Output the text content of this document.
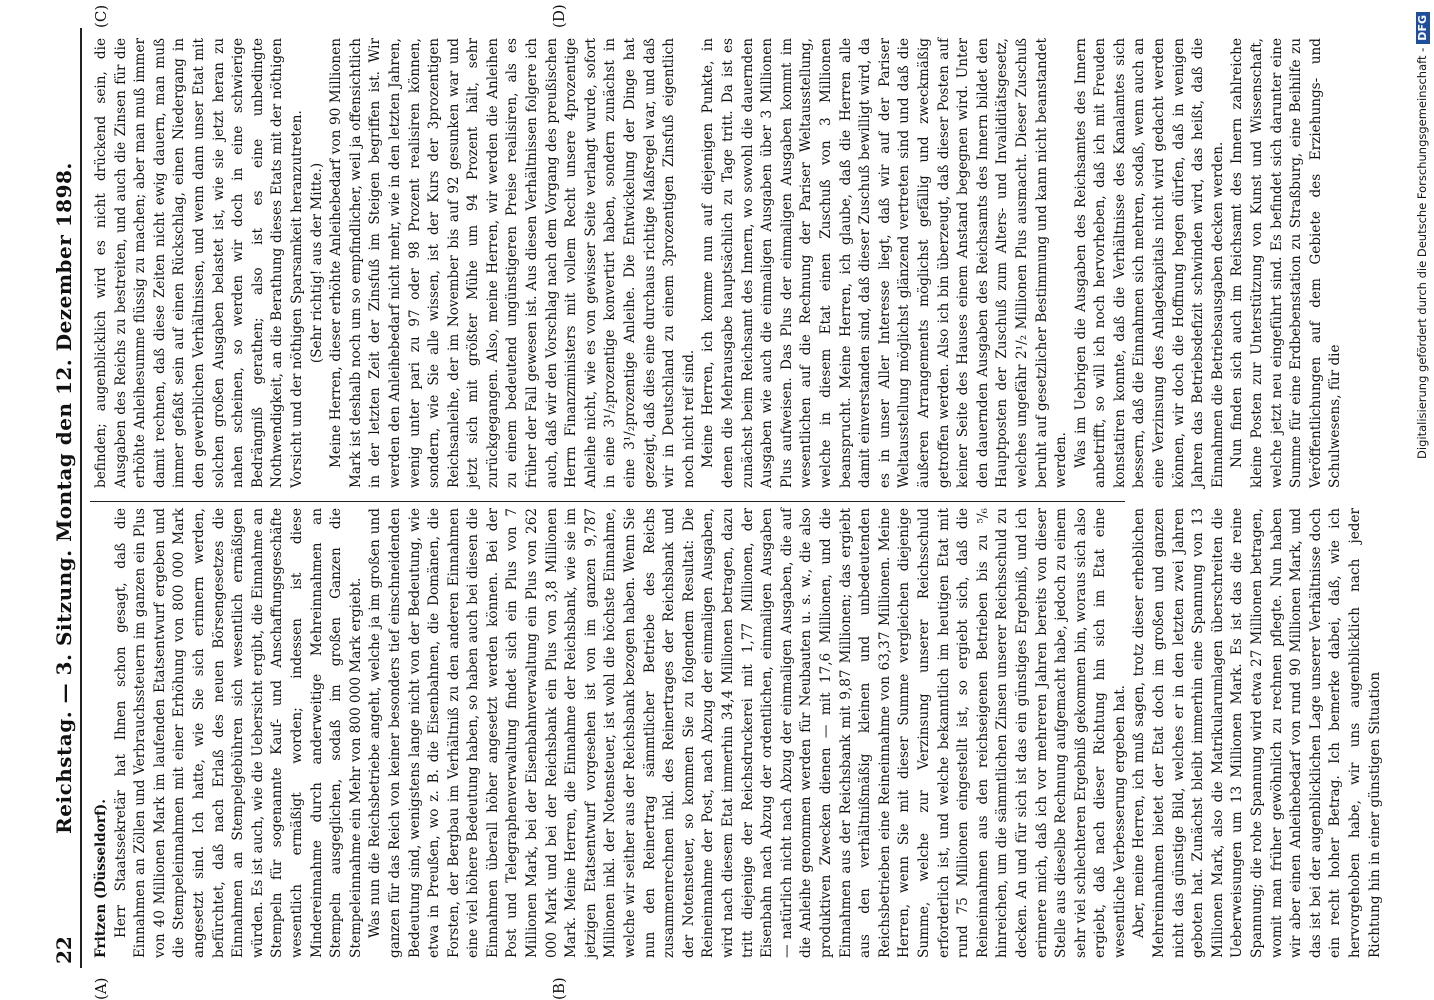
22
Reichstag. — 3. Sitzung. Montag den 12. Dezember 1898.
(A)	(B)
(C)	(D)

Fritzen (Düsseldorf). Herr Staatssekretär hat Ihnen schon gesagt, daß die Einnahmen an Zöllen und Verbrauchssteuern im ganzen ein Plus von 40 Millionen Mark im laufenden Etatsentwurf ergeben und die Stempeleinnahmen mit einer Erhöhung von 800 000 Mark angesetzt sind. Ich hatte, wie Sie sich erinnern werden, befürchtet, daß nach Erlaß des neuen Börsengesetzes die Einnahmen an Stempelgebühren sich wesentlich ermäßigen würden. Es ist auch, wie die Uebersicht ergibt, die Einnahme an Stempeln für sogenannte Kauf- und Anschaffungsgeschäfte wesentlich ermäßigt worden; indessen ist diese Mindereinnahme durch anderweitige Mehreinnahmen an Stempeln ausgeglichen, sodaß im großen Ganzen die Stempeleinnahme ein Mehr von 800 000 Mark ergiebt. Was nun die Reichsbetriebe angeht, welche ja im großen und ganzen für das Reich von keiner besonders tief einschneidenden Bedeutung sind, wenigstens lange nicht von der Bedeutung, wie etwa in Preußen, wo z. B. die Eisenbahnen, die Domänen, die Forsten, der Bergbau im Verhältniß zu den anderen Einnahmen eine viel höhere Bedeutung haben, so haben auch bei diesen die Einnahmen überall höher angesetzt werden können. Bei der Post und Telegraphenverwaltung findet sich ein Plus von 7 Millionen Mark, bei der Eisenbahnverwaltung ein Plus von 262 000 Mark und bei der Reichsbank ein Plus von 3,8 Millionen Mark. Meine Herren, die Einnahme der Reichsbank, wie sie im jetzigen Etatsentwurf vorgesehen ist von im ganzen 9,787 Millionen inkl. der Notensteuer, ist wohl die höchste Einnahme, welche wir seither aus der Reichsbank bezogen haben. Wenn Sie nun den Reinertrag sämmtlicher Betriebe des Reichs zusammenrechnen inkl. des Reinertrages der Reichsbank und der Notensteuer, so kommen Sie zu folgendem Resultat: Die Reineinnahme der Post, nach Abzug der einmaligen Ausgaben, wird nach diesem Etat immerhin 34,4 Millionen betragen, dazu tritt diejenige der Reichsdruckerei mit 1,77 Millionen, der Eisenbahn nach Abzug der ordentlichen, einmaligen Ausgaben — natürlich nicht nach Abzug der einmaligen Ausgaben, die auf die Anleihe genommen werden für Neubauten u. s. w., die also produktiven Zwecken dienen — mit 17,6 Millionen, und die Einnahmen aus der Reichsbank mit 9,87 Millionen; das ergiebt aus den verhältnißmäßig kleinen und unbedeutenden Reichsbetrieben eine Reineinnahme von 63,37 Millionen. Meine Herren, wenn Sie mit dieser Summe vergleichen diejenige Summe, welche zur Verzinsung unserer Reichsschuld erforderlich ist, und welche bekanntlich im heutigen Etat mit rund 75 Millionen eingestellt ist, so ergiebt sich, daß die Reineinnahmen aus den reichseigenen Betrieben bis zu ⁵/₆ hinreichen, um die sämmtlichen Zinsen unserer Reichsschuld zu decken. An und für sich ist das ein günstiges Ergebniß, und ich erinnere mich, daß ich vor mehreren Jahren bereits von dieser Stelle aus dieselbe Rechnung aufgemacht habe, jedoch zu einem sehr viel schlechteren Ergebniß gekommen bin, woraus sich also ergiebt, daß nach dieser Richtung hin sich im Etat eine wesentliche Verbesserung ergeben hat. Aber, meine Herren, ich muß sagen, trotz dieser erheblichen Mehreinnahmen bietet der Etat doch im großen und ganzen nicht das günstige Bild, welches er in den letzten zwei Jahren geboten hat. Zunächst bleibt immerhin eine Spannung von 13 Millionen Mark, also die Matrikularumlagen überschreiten die Ueberweisungen um 13 Millionen Mark. Es ist das die reine Spannung; die rohe Spannung wird etwa 27 Millionen betragen, womit man früher gewöhnlich zu rechnen pflegte. Nun haben wir aber einen Anleihebedarf von rund 90 Millionen Mark, und das ist bei der augenblicklichen Lage unserer Verhältnisse doch ein recht hoher Betrag. Ich bemerke dabei, daß, wie ich hervorgehoben habe, wir uns augenblicklich nach jeder Richtung hin in einer günstigen Situation

befinden; augenblicklich wird es nicht drückend sein, die Ausgaben des Reichs zu bestreiten, und auch die Zinsen für die erhöhte Anleihesumme flüssig zu machen; aber man muß immer damit rechnen, daß diese Zeiten nicht ewig dauern, man muß immer gefaßt sein auf einen Rückschlag, einen Niedergang in den gewerblichen Verhältnissen, und wenn dann unser Etat mit solchen großen Ausgaben belastet ist, wie sie jetzt heran zu nahen scheinen, so werden wir doch in eine schwierige Bedrängniß gerathen; also ist es eine unbedingte Nothwendigkeit, an die Berathung dieses Etats mit der nöthigen Vorsicht und der nöthigen Sparsamkeit heranzutreten. (Sehr richtig! aus der Mitte.) Meine Herren, dieser erhöhte Anleihebedarf von 90 Millionen Mark ist deshalb noch um so empfindlicher, weil ja offensichtlich in der letzten Zeit der Zinsfuß im Steigen begriffen ist. Wir werden den Anleihebedarf nicht mehr, wie in den letzten Jahren, wenig unter pari zu 97 oder 98 Prozent realisiren können, sondern, wie Sie alle wissen, ist der Kurs der 3prozentigen Reichsanleihe, der im November bis auf 92 gesunken war und jetzt sich mit größter Mühe um 94 Prozent hält, sehr zurückgegangen. Also, meine Herren, wir werden die Anleihen zu einem bedeutend ungünstigeren Preise realisiren, als es früher der Fall gewesen ist. Aus diesen Verhältnissen folgere ich auch, daß wir den Vorschlag nach dem Vorgang des preußischen Herrn Finanzministers mit vollem Recht unsere 4prozentige Anleihe nicht, wie es von gewisser Seite verlangt wurde, sofort in eine 3¹/₂prozentige konvertirt haben, sondern zunächst in eine 3¹/₂prozentige Anleihe. Die Entwickelung der Dinge hat gezeigt, daß dies eine durchaus richtige Maßregel war, und daß wir in Deutschland zu einem 3prozentigen Zinsfuß eigentlich noch nicht reif sind. Meine Herren, ich komme nun auf diejenigen Punkte, in denen die Mehrausgabe hauptsächlich zu Tage tritt. Da ist es zunächst beim Reichsamt des Innern, wo sowohl die dauernden Ausgaben wie auch die einmaligen Ausgaben über 3 Millionen Plus aufweisen. Das Plus der einmaligen Ausgaben kommt im wesentlichen auf die Rechnung der Pariser Weltausstellung, welche in diesem Etat einen Zuschuß von 3 Millionen beansprucht. Meine Herren, ich glaube, daß die Herren alle damit einverstanden sind, daß dieser Zuschuß bewilligt wird, da es in unser Aller Interesse liegt, daß wir auf der Pariser Weltausstellung möglichst glänzend vertreten sind und daß die äußeren Arrangements möglichst gefällig und zweckmäßig getroffen werden. Also ich bin überzeugt, daß dieser Posten auf keiner Seite des Hauses einem Anstand begegnen wird. Unter den dauernden Ausgaben des Reichsamts des Innern bildet den Hauptposten der Zuschuß zum Alters- und Invaliditätsgesetz, welches ungefähr 2¹/₂ Millionen Plus ausmacht. Dieser Zuschuß beruht auf gesetzlicher Bestimmung und kann nicht beanstandet werden. Was im Uebrigen die Ausgaben des Reichsamtes des Innern anbetrifft, so will ich noch hervorheben, daß ich mit Freuden konstatiren konnte, daß die Verhältnisse des Kanalamtes sich bessern, daß die Einnahmen sich mehren, sodaß, wenn auch an eine Verzinsung des Anlagekapitals nicht wird gedacht werden können, wir doch die Hoffnung hegen dürfen, daß in wenigen Jahren das Betriebsdefizit schwinden wird, das heißt, daß die Einnahmen die Betriebsausgaben decken werden. Nun finden sich auch im Reichsamt des Innern zahlreiche kleine Posten zur Unterstützung von Kunst und Wissenschaft, welche jetzt neu eingeführt sind. Es befindet sich darunter eine Summe für eine Erdbebenstation zu Straßburg, eine Beihilfe zu Veröffentlichungen auf dem Gebiete des Erziehungs- und Schulwesens, für die	Digitalisierung gefördert durch die Deutsche Forschungsgemeinschaft -DFG
